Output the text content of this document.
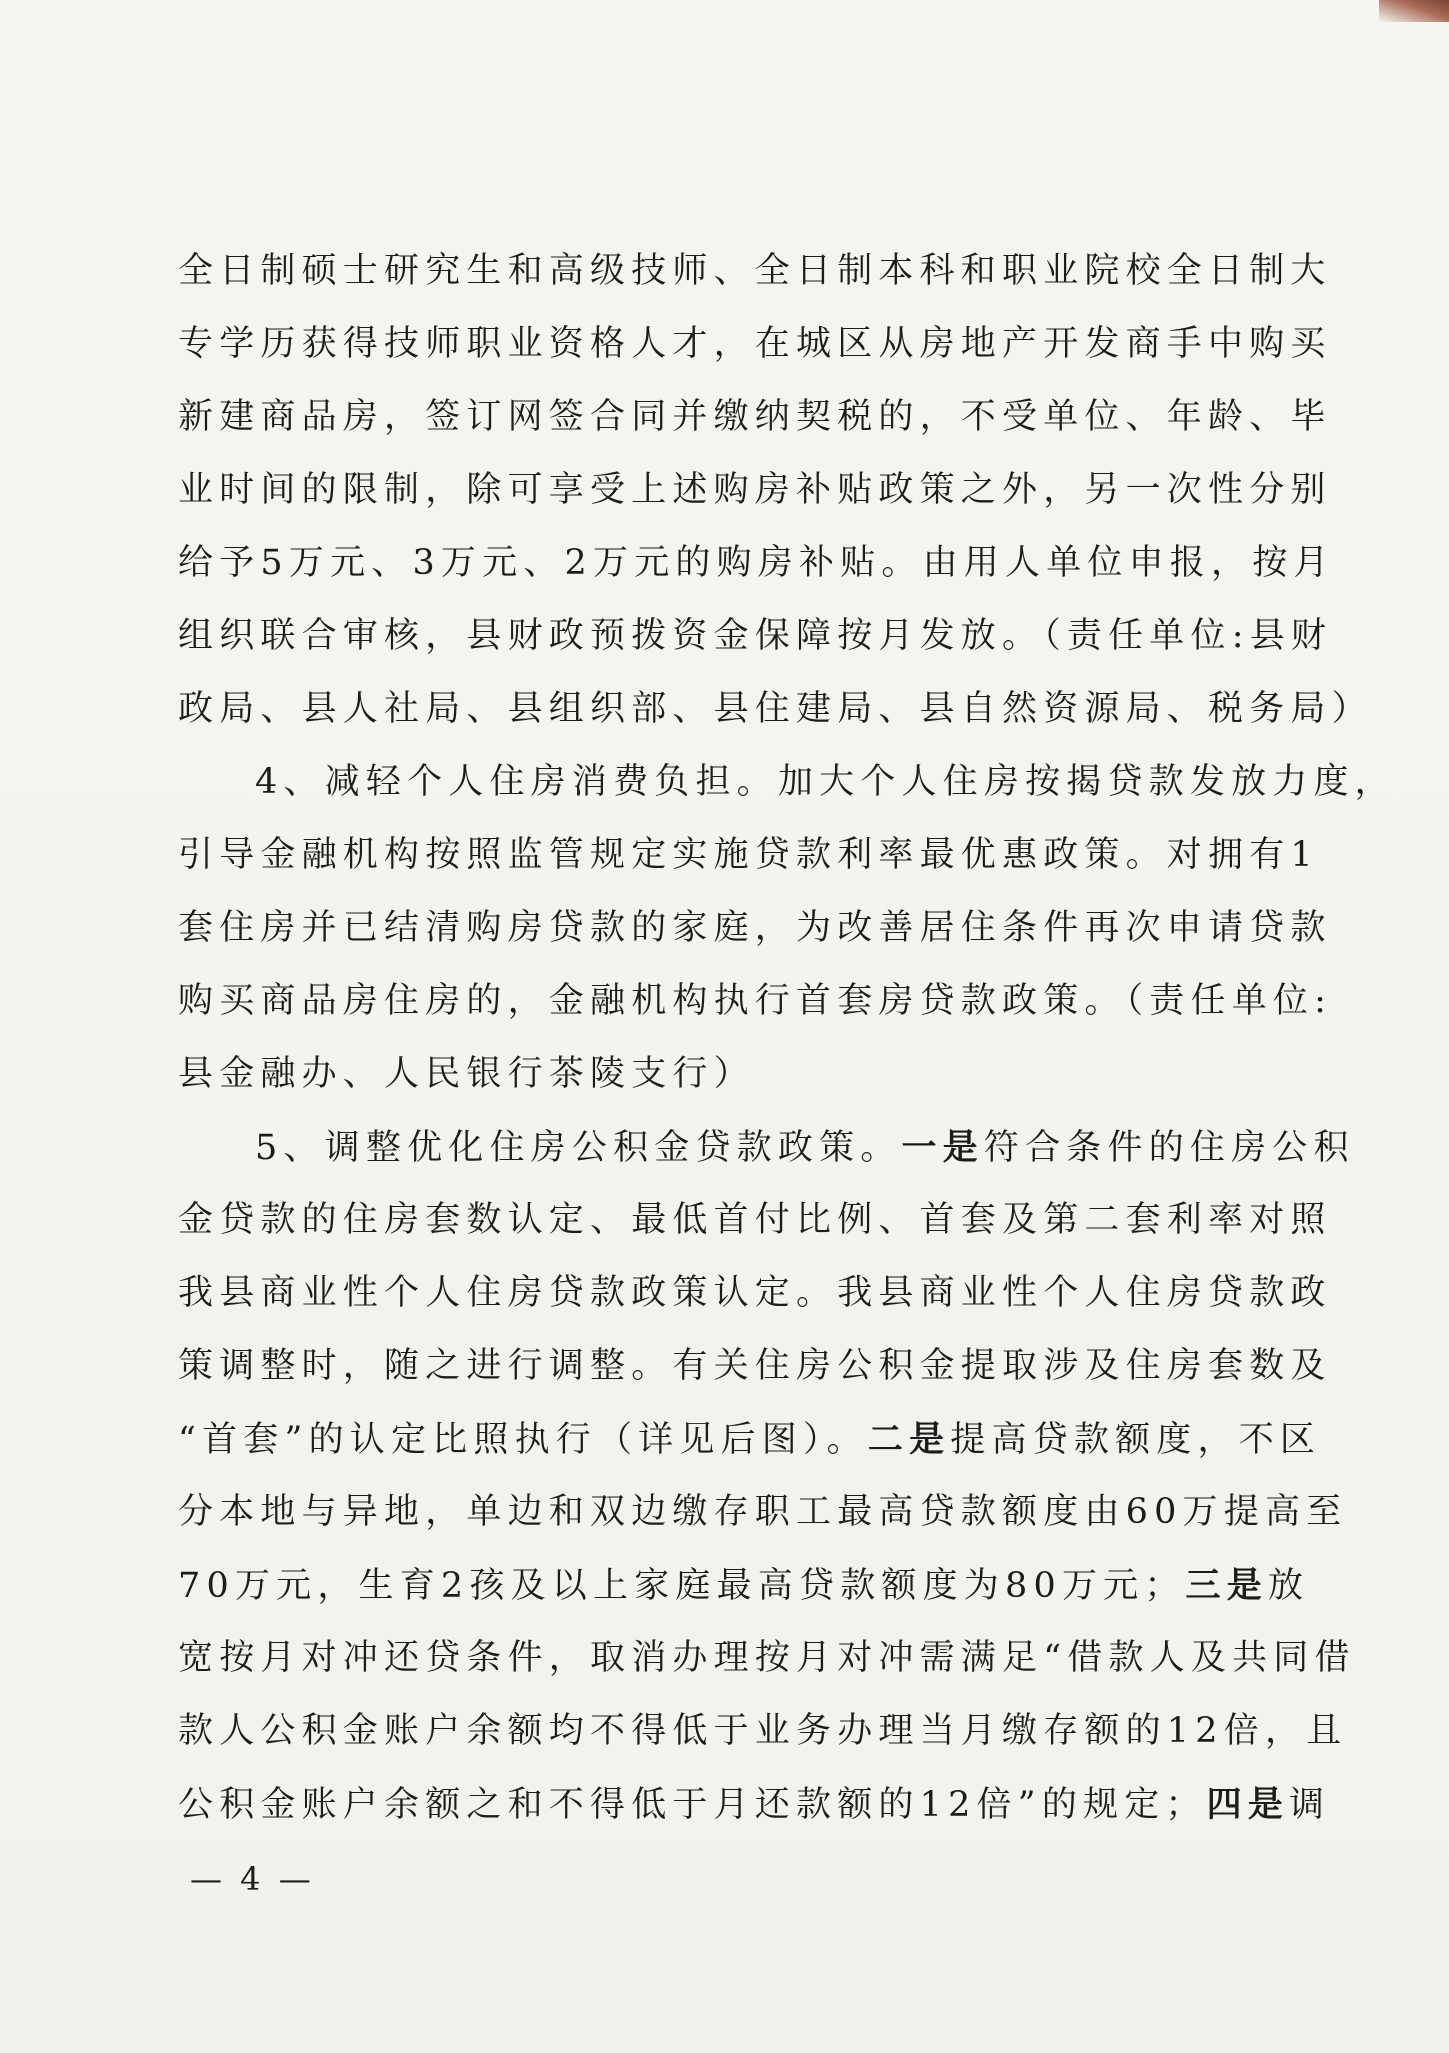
全日制硕士研究生和高级技师、全日制本科和职业院校全日制大
专学历获得技师职业资格人才，在城区从房地产开发商手中购买
新建商品房，签订网签合同并缴纳契税的，不受单位、年龄、毕
业时间的限制，除可享受上述购房补贴政策之外，另一次性分别
给予5万元、3万元、2万元的购房补贴。由用人单位申报，按月
组织联合审核，县财政预拨资金保障按月发放。（责任单位:县财
政局、县人社局、县组织部、县住建局、县自然资源局、税务局）
4、减轻个人住房消费负担。加大个人住房按揭贷款发放力度，
引导金融机构按照监管规定实施贷款利率最优惠政策。对拥有1
套住房并已结清购房贷款的家庭，为改善居住条件再次申请贷款
购买商品房住房的，金融机构执行首套房贷款政策。（责任单位:
县金融办、人民银行茶陵支行）
5、调整优化住房公积金贷款政策。一是符合条件的住房公积
金贷款的住房套数认定、最低首付比例、首套及第二套利率对照
我县商业性个人住房贷款政策认定。我县商业性个人住房贷款政
策调整时，随之进行调整。有关住房公积金提取涉及住房套数及
“首套”的认定比照执行（详见后图）。二是提高贷款额度，不区
分本地与异地，单边和双边缴存职工最高贷款额度由60万提高至
70万元，生育2孩及以上家庭最高贷款额度为80万元；三是放
宽按月对冲还贷条件，取消办理按月对冲需满足“借款人及共同借
款人公积金账户余额均不得低于业务办理当月缴存额的12倍，且
公积金账户余额之和不得低于月还款额的12倍”的规定；四是调
— 4 —
